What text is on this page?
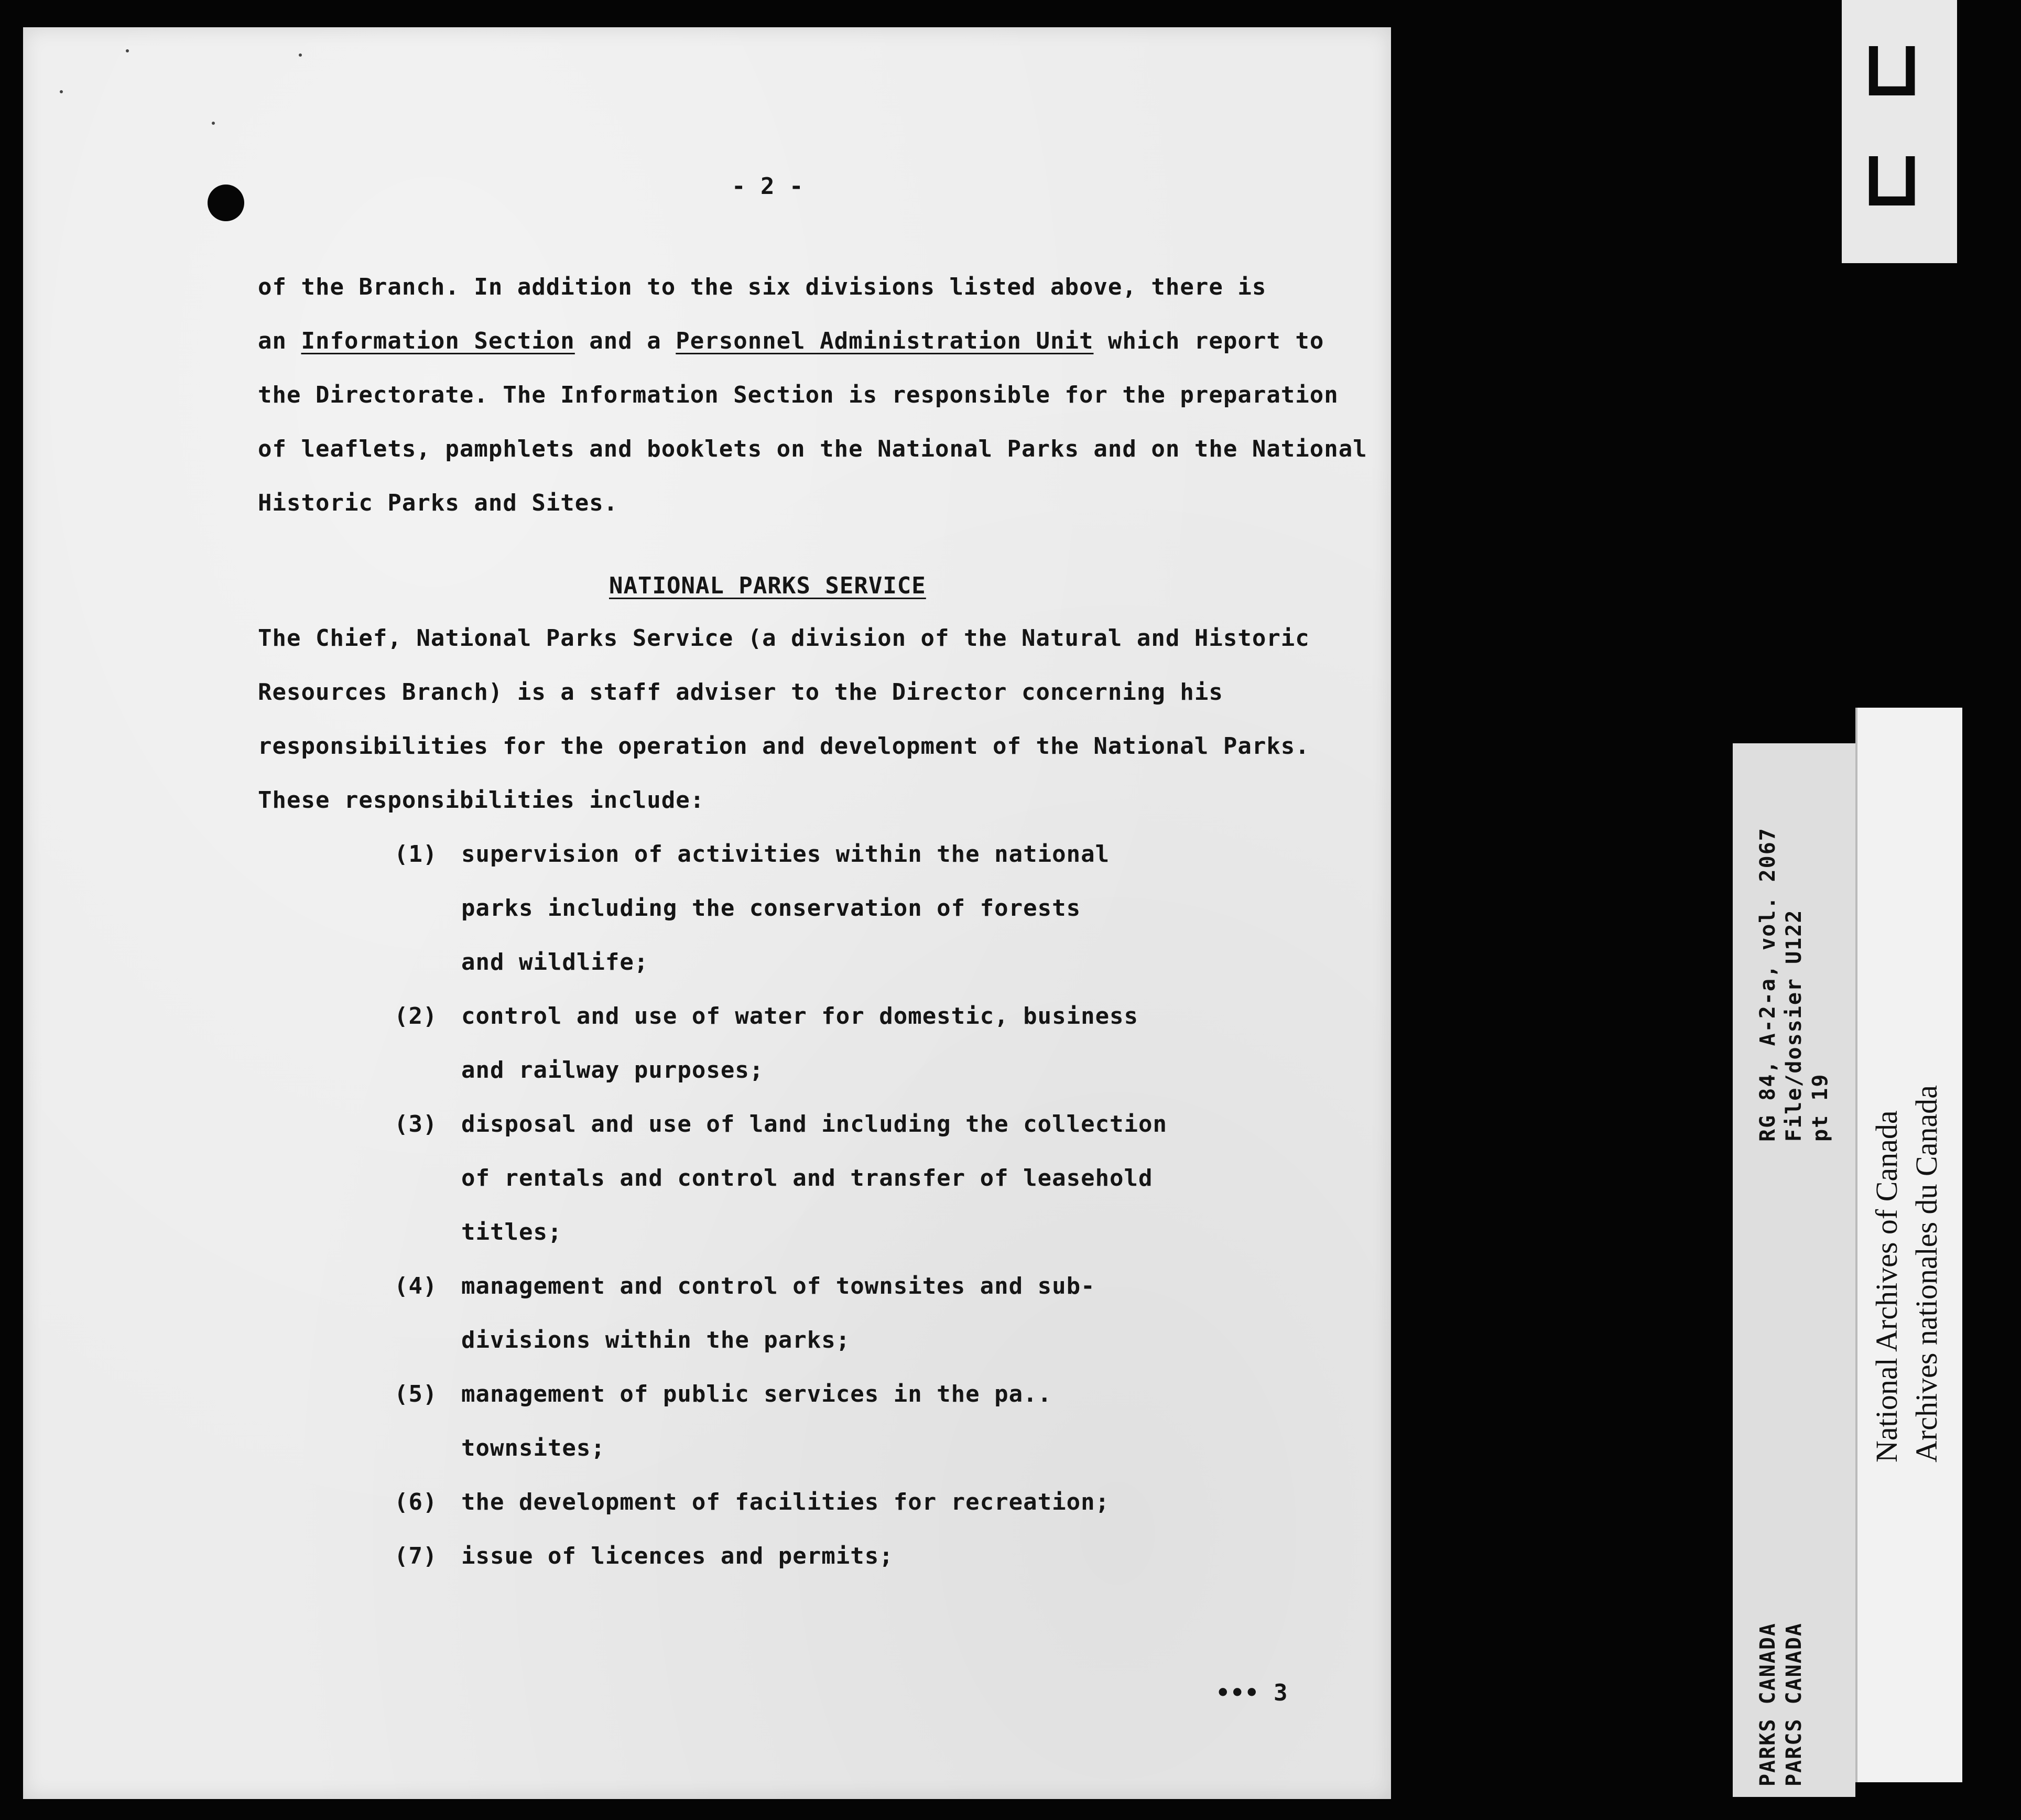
- 2 -
of the Branch. In addition to the six divisions listed above, there is
an Information Section and a Personnel Administration Unit which report to
the Directorate. The Information Section is responsible for the preparation
of leaflets, pamphlets and booklets on the National Parks and on the National
Historic Parks and Sites.
NATIONAL PARKS SERVICE
The Chief, National Parks Service (a division of the Natural and Historic
Resources Branch) is a staff adviser to the Director concerning his
responsibilities for the operation and development of the National Parks.
These responsibilities include:
(1) supervision of activities within the national
parks including the conservation of forests
and wildlife;
(2) control and use of water for domestic, business
and railway purposes;
(3) disposal and use of land including the collection
of rentals and control and transfer of leasehold
titles;
(4) management and control of townsites and sub-
divisions within the parks;
(5) management of public services in the pa..
townsites;
(6) the development of facilities for recreation;
(7) issue of licences and permits;
••• 3
⊐
⊐
RG 84, A-2-a, vol. 2067 File/dossier U122 pt 19
PARKS CANADA PARCS CANADA
National Archives of Canada Archives nationales du Canada
